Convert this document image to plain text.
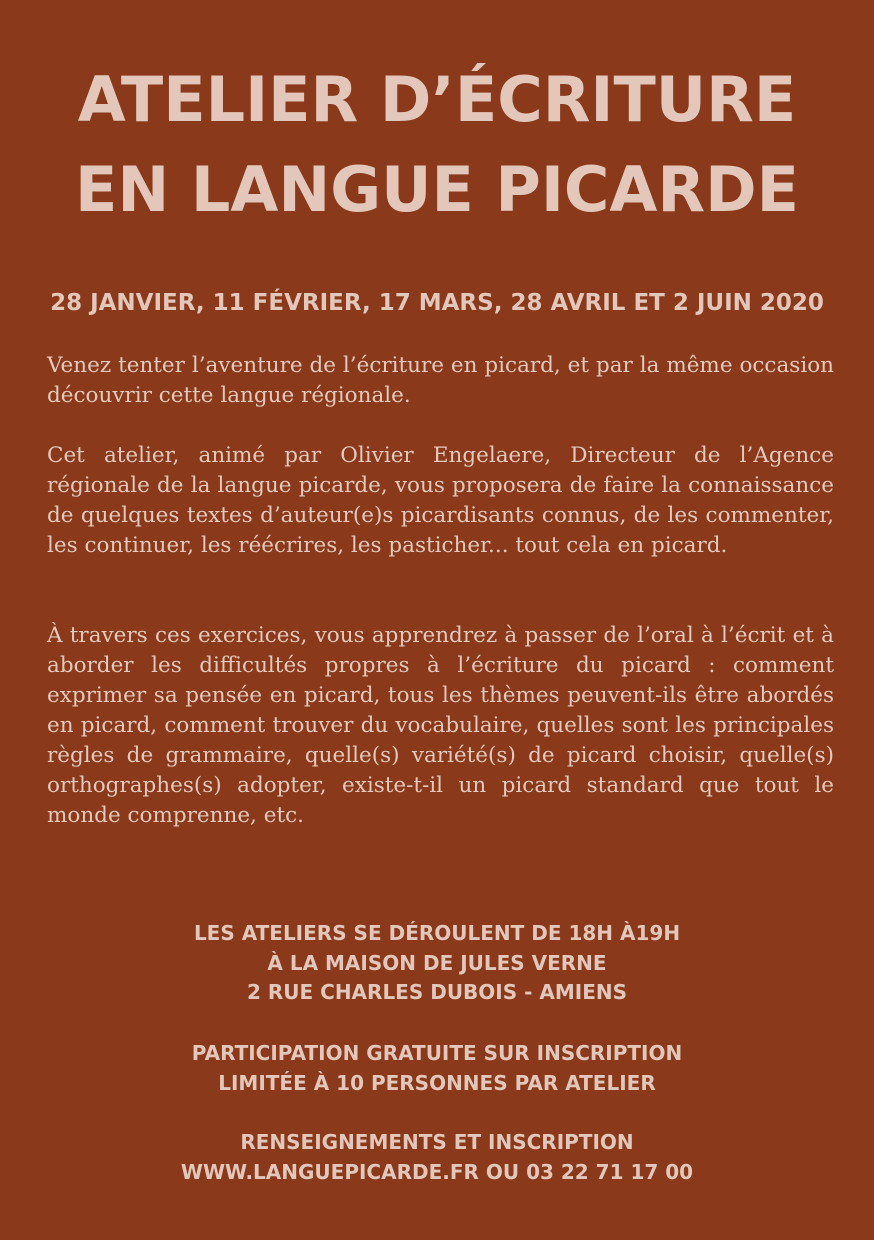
ATELIER D’ÉCRITURE
EN LANGUE PICARDE

28 JANVIER, 11 FÉVRIER, 17 MARS, 28 AVRIL ET 2 JUIN 2020

Venez tenter l’aventure de l’écriture en picard, et par la même occasion découvrir cette langue régionale.

Cet atelier, animé par Olivier Engelaere, Directeur de l’Agence régionale de la langue picarde, vous proposera de faire la connaissance de quelques textes d’auteur(e)s picardisants connus, de les commenter, les continuer, les réécrires, les pasticher... tout cela en picard.

À travers ces exercices, vous apprendrez à passer de l’oral à l’écrit et à aborder les difficultés propres à l’écriture du picard : comment exprimer sa pensée en picard, tous les thèmes peuvent-ils être abordés en picard, comment trouver du vocabulaire, quelles sont les principales règles de grammaire, quelle(s) variété(s) de picard choisir, quelle(s) orthographes(s) adopter, existe-t-il un picard standard que tout le monde comprenne, etc.

LES ATELIERS SE DÉROULENT DE 18H À19H
À LA MAISON DE JULES VERNE
2 RUE CHARLES DUBOIS - AMIENS
PARTICIPATION GRATUITE SUR INSCRIPTION
LIMITÉE À 10 PERSONNES PAR ATELIER
RENSEIGNEMENTS ET INSCRIPTION
WWW.LANGUEPICARDE.FR OU 03 22 71 17 00
